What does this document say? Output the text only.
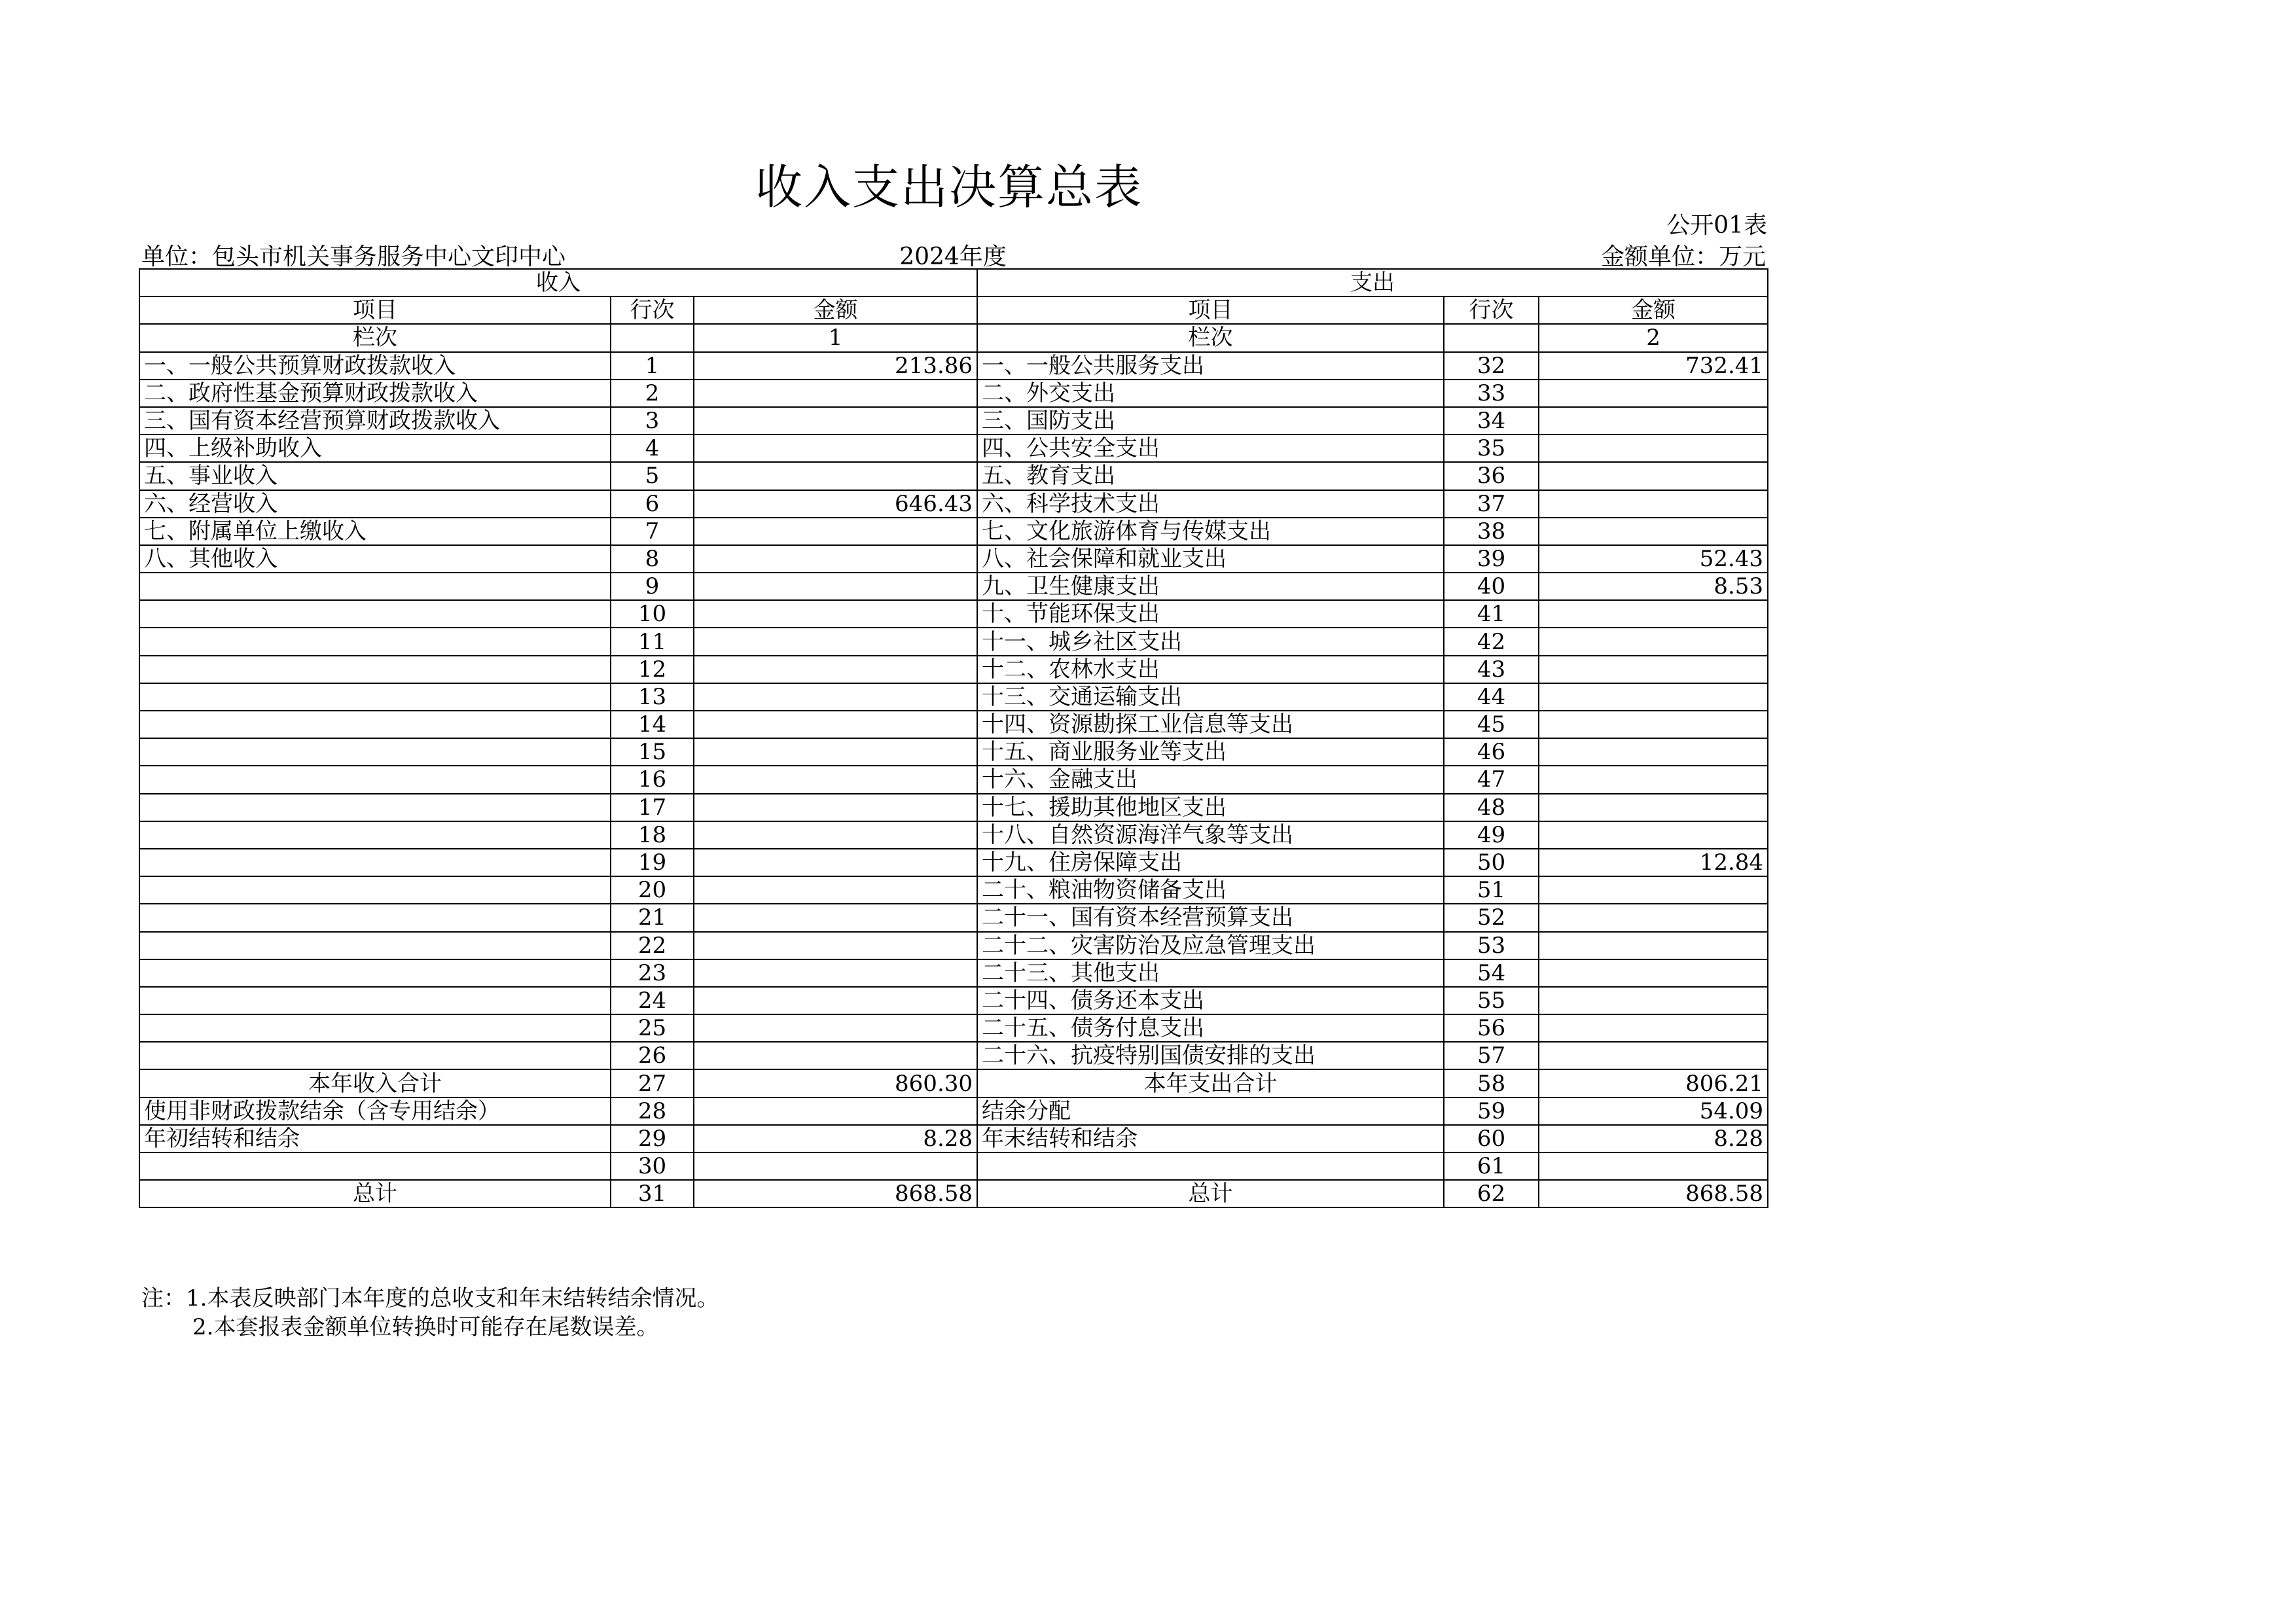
收入支出决算总表
公开01表
单位：包头市机关事务服务中心文印中心	2024年度	金额单位：万元
收入			支出		
项目	行次	金额	项目	行次	金额
栏次		1	栏次		2
一、一般公共预算财政拨款收入	1	213.86	一、一般公共服务支出	32	732.41
二、政府性基金预算财政拨款收入	2		二、外交支出	33	
三、国有资本经营预算财政拨款收入	3		三、国防支出	34	
四、上级补助收入	4		四、公共安全支出	35	
五、事业收入	5		五、教育支出	36	
六、经营收入	6	646.43	六、科学技术支出	37	
七、附属单位上缴收入	7		七、文化旅游体育与传媒支出	38	
八、其他收入	8		八、社会保障和就业支出	39	52.43
	9		九、卫生健康支出	40	8.53
	10		十、节能环保支出	41	
	11		十一、城乡社区支出	42	
	12		十二、农林水支出	43	
	13		十三、交通运输支出	44	
	14		十四、资源勘探工业信息等支出	45	
	15		十五、商业服务业等支出	46	
	16		十六、金融支出	47	
	17		十七、援助其他地区支出	48	
	18		十八、自然资源海洋气象等支出	49	
	19		十九、住房保障支出	50	12.84
	20		二十、粮油物资储备支出	51	
	21		二十一、国有资本经营预算支出	52	
	22		二十二、灾害防治及应急管理支出	53	
	23		二十三、其他支出	54	
	24		二十四、债务还本支出	55	
	25		二十五、债务付息支出	56	
	26		二十六、抗疫特别国债安排的支出	57	
本年收入合计	27	860.30	本年支出合计	58	806.21
使用非财政拨款结余（含专用结余）	28		结余分配	59	54.09
年初结转和结余	29	8.28	年末结转和结余	60	8.28
	30			61	
总计	31	868.58	总计	62	868.58
注：1.本表反映部门本年度的总收支和年末结转结余情况。
2.本套报表金额单位转换时可能存在尾数误差。
